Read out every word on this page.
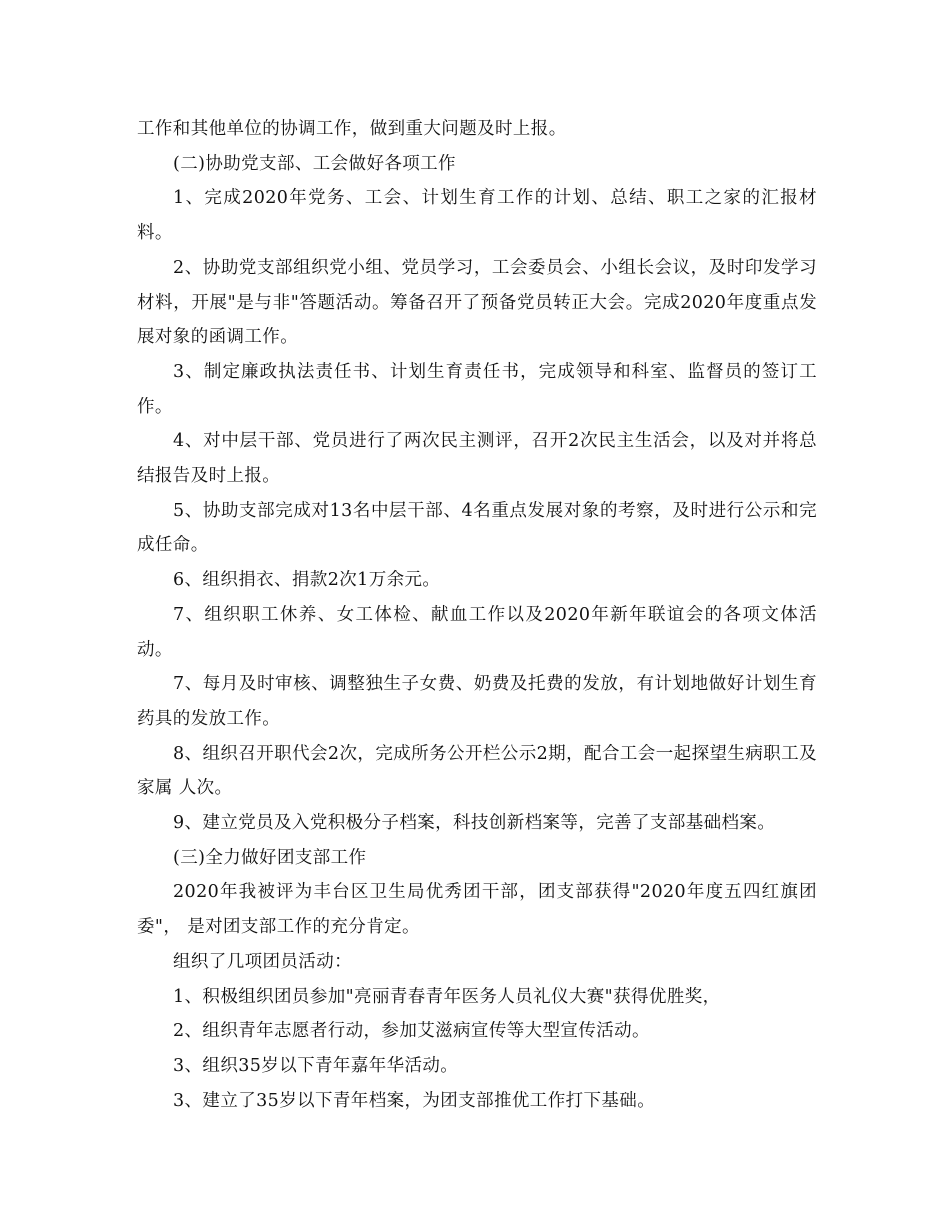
工作和其他单位的协调工作，做到重大问题及时上报。

(二)协助党支部、工会做好各项工作

1、完成2020年党务、工会、计划生育工作的计划、总结、职工之家的汇报材料。

2、协助党支部组织党小组、党员学习，工会委员会、小组长会议，及时印发学习材料，开展"是与非"答题活动。筹备召开了预备党员转正大会。完成2020年度重点发展对象的函调工作。

3、制定廉政执法责任书、计划生育责任书，完成领导和科室、监督员的签订工作。

4、对中层干部、党员进行了两次民主测评，召开2次民主生活会，以及对并将总结报告及时上报。

5、协助支部完成对13名中层干部、4名重点发展对象的考察，及时进行公示和完成任命。

6、组织捐衣、捐款2次1万余元。

7、组织职工休养、女工体检、献血工作以及2020年新年联谊会的各项文体活动。

7、每月及时审核、调整独生子女费、奶费及托费的发放，有计划地做好计划生育药具的发放工作。

8、组织召开职代会2次，完成所务公开栏公示2期，配合工会一起探望生病职工及家属 人次。

9、建立党员及入党积极分子档案，科技创新档案等，完善了支部基础档案。

(三)全力做好团支部工作

2020年我被评为丰台区卫生局优秀团干部，团支部获得"2020年度五四红旗团委"， 是对团支部工作的充分肯定。

组织了几项团员活动：

1、积极组织团员参加"亮丽青春青年医务人员礼仪大赛"获得优胜奖，

2、组织青年志愿者行动，参加艾滋病宣传等大型宣传活动。

3、组织35岁以下青年嘉年华活动。

3、建立了35岁以下青年档案，为团支部推优工作打下基础。
